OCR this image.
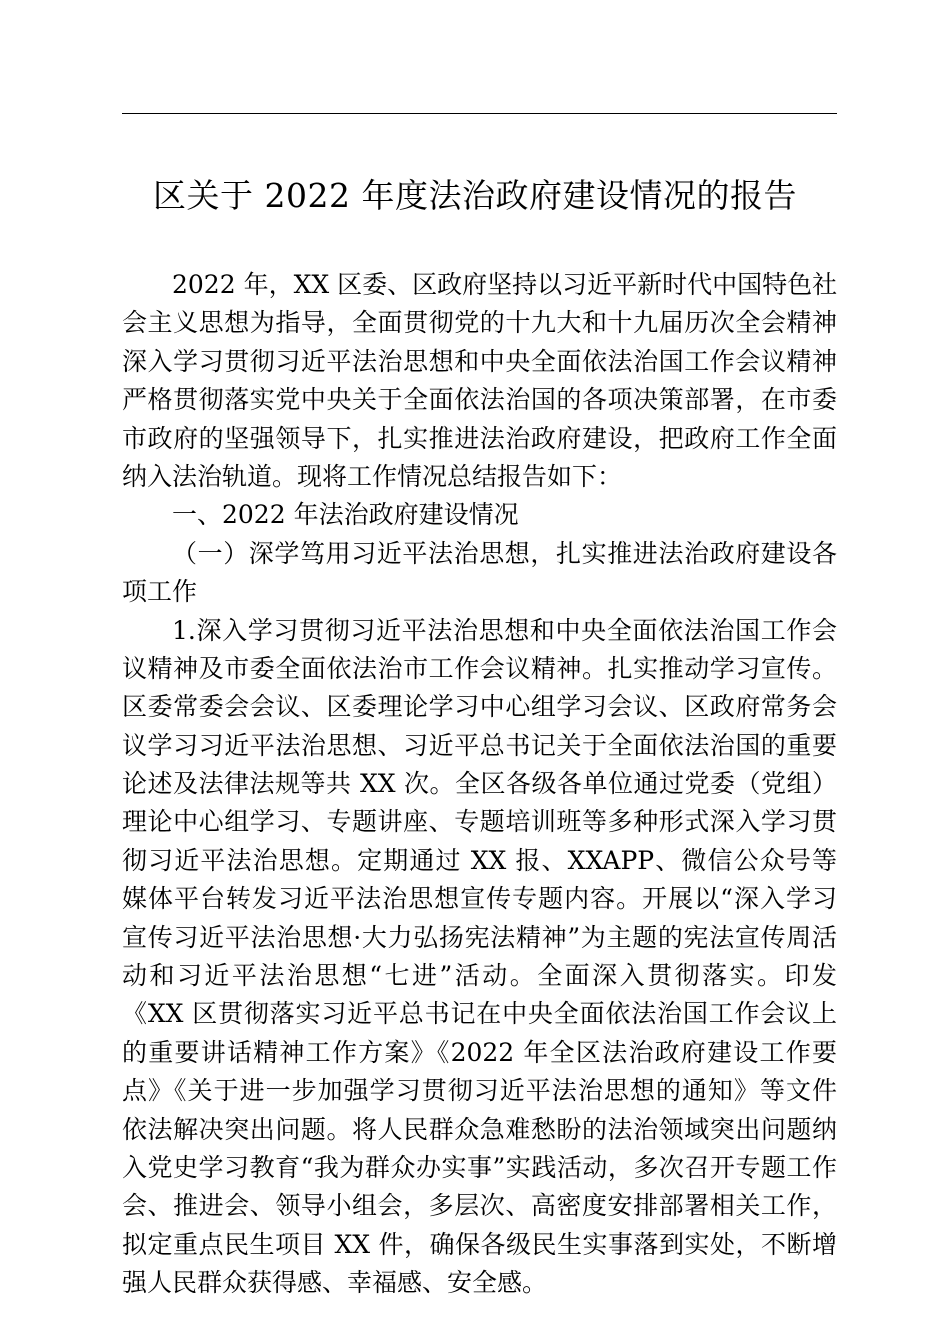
区关于 2022 年度法治政府建设情况的报告
2022 年，XX 区委、区政府坚持以习近平新时代中国特色社
会主义思想为指导，全面贯彻党的十九大和十九届历次全会精神
深入学习贯彻习近平法治思想和中央全面依法治国工作会议精神
严格贯彻落实党中央关于全面依法治国的各项决策部署，在市委
市政府的坚强领导下，扎实推进法治政府建设，把政府工作全面
纳入法治轨道。现将工作情况总结报告如下：
一、2022 年法治政府建设情况
（一）深学笃用习近平法治思想，扎实推进法治政府建设各
项工作
1.深入学习贯彻习近平法治思想和中央全面依法治国工作会
议精神及市委全面依法治市工作会议精神。扎实推动学习宣传。
区委常委会会议、区委理论学习中心组学习会议、区政府常务会
议学习习近平法治思想、习近平总书记关于全面依法治国的重要
论述及法律法规等共 XX 次。全区各级各单位通过党委（党组）
理论中心组学习、专题讲座、专题培训班等多种形式深入学习贯
彻习近平法治思想。定期通过 XX 报、XXAPP、微信公众号等
媒体平台转发习近平法治思想宣传专题内容。开展以“深入学习
宣传习近平法治思想·大力弘扬宪法精神”为主题的宪法宣传周活
动和习近平法治思想“七进”活动。全面深入贯彻落实。印发
《XX 区贯彻落实习近平总书记在中央全面依法治国工作会议上
的重要讲话精神工作方案》《2022 年全区法治政府建设工作要
点》《关于进一步加强学习贯彻习近平法治思想的通知》等文件
依法解决突出问题。将人民群众急难愁盼的法治领域突出问题纳
入党史学习教育“我为群众办实事”实践活动，多次召开专题工作
会、推进会、领导小组会，多层次、高密度安排部署相关工作，
拟定重点民生项目 XX 件，确保各级民生实事落到实处，不断增
强人民群众获得感、幸福感、安全感。
